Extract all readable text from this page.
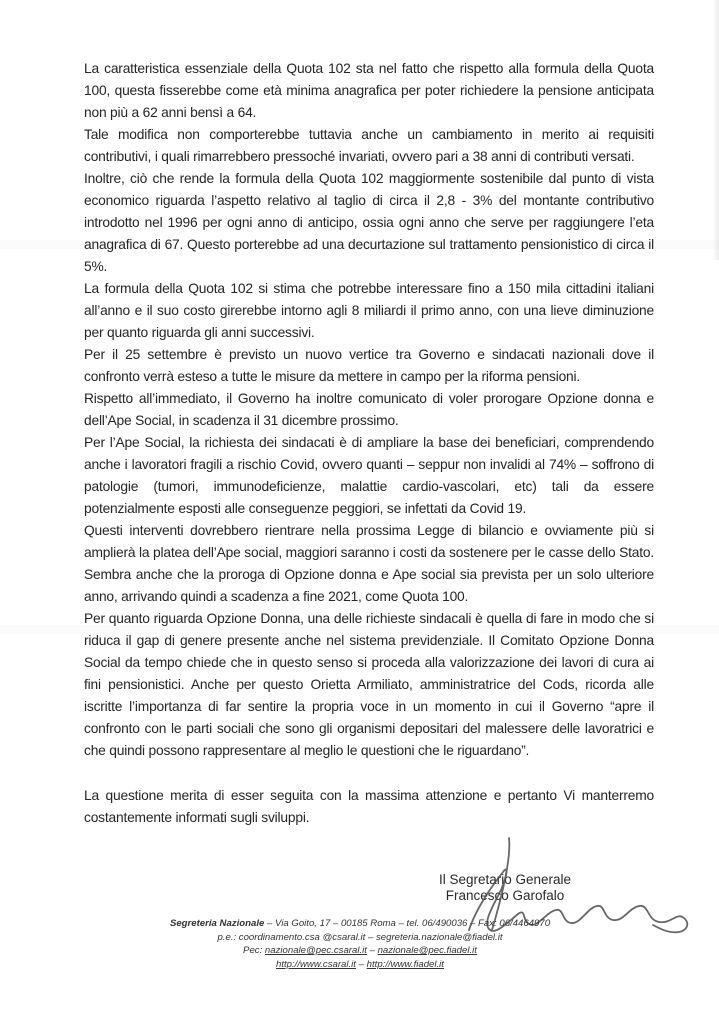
La caratteristica essenziale della Quota 102 sta nel fatto che rispetto alla formula della Quota 100, questa fisserebbe come età minima anagrafica per poter richiedere la pensione anticipata non più a 62 anni bensì a 64.

Tale modifica non comporterebbe tuttavia anche un cambiamento in merito ai requisiti contributivi, i quali rimarrebbero pressoché invariati, ovvero pari a 38 anni di contributi versati.

Inoltre, ciò che rende la formula della Quota 102 maggiormente sostenibile dal punto di vista economico riguarda l’aspetto relativo al taglio di circa il 2,8 - 3% del montante contributivo introdotto nel 1996 per ogni anno di anticipo, ossia ogni anno che serve per raggiungere l’eta anagrafica di 67. Questo porterebbe ad una decurtazione sul trattamento pensionistico di circa il 5%.

La formula della Quota 102 si stima che potrebbe interessare fino a 150 mila cittadini italiani all’anno e il suo costo girerebbe intorno agli 8 miliardi il primo anno, con una lieve diminuzione per quanto riguarda gli anni successivi.

Per il 25 settembre è previsto un nuovo vertice tra Governo e sindacati nazionali dove il confronto verrà esteso a tutte le misure da mettere in campo per la riforma pensioni.

Rispetto all’immediato, il Governo ha inoltre comunicato di voler prorogare Opzione donna e dell’Ape Social, in scadenza il 31 dicembre prossimo.

Per l’Ape Social, la richiesta dei sindacati è di ampliare la base dei beneficiari, comprendendo anche i lavoratori fragili a rischio Covid, ovvero quanti – seppur non invalidi al 74% – soffrono di patologie (tumori, immunodeficienze, malattie cardio-vascolari, etc) tali da essere potenzialmente esposti alle conseguenze peggiori, se infettati da Covid 19.

Questi interventi dovrebbero rientrare nella prossima Legge di bilancio e ovviamente più si amplierà la platea dell’Ape social, maggiori saranno i costi da sostenere per le casse dello Stato. Sembra anche che la proroga di Opzione donna e Ape social sia prevista per un solo ulteriore anno, arrivando quindi a scadenza a fine 2021, come Quota 100.

Per quanto riguarda Opzione Donna, una delle richieste sindacali è quella di fare in modo che si riduca il gap di genere presente anche nel sistema previdenziale. Il Comitato Opzione Donna Social da tempo chiede che in questo senso si proceda alla valorizzazione dei lavori di cura ai fini pensionistici. Anche per questo Orietta Armiliato, amministratrice del Cods, ricorda alle iscritte l’importanza di far sentire la propria voce in un momento in cui il Governo “apre il confronto con le parti sociali che sono gli organismi depositari del malessere delle lavoratrici e che quindi possono rappresentare al meglio le questioni che le riguardano”.

La questione merita di esser seguita con la massima attenzione e pertanto Vi manterremo costantemente informati sugli sviluppi.

Il Segretario Generale
Francesco Garofalo
Segreteria Nazionale – Via Goito, 17 – 00185 Roma – tel. 06/490036 – Fax: 06/4464970
p.e.: coordinamento.csa @csaral.it – segreteria.nazionale@fiadel.it
Pec: nazionale@pec.csaral.it – nazionale@pec.fiadel.it
http://www.csaral.it – http://www.fiadel.it
